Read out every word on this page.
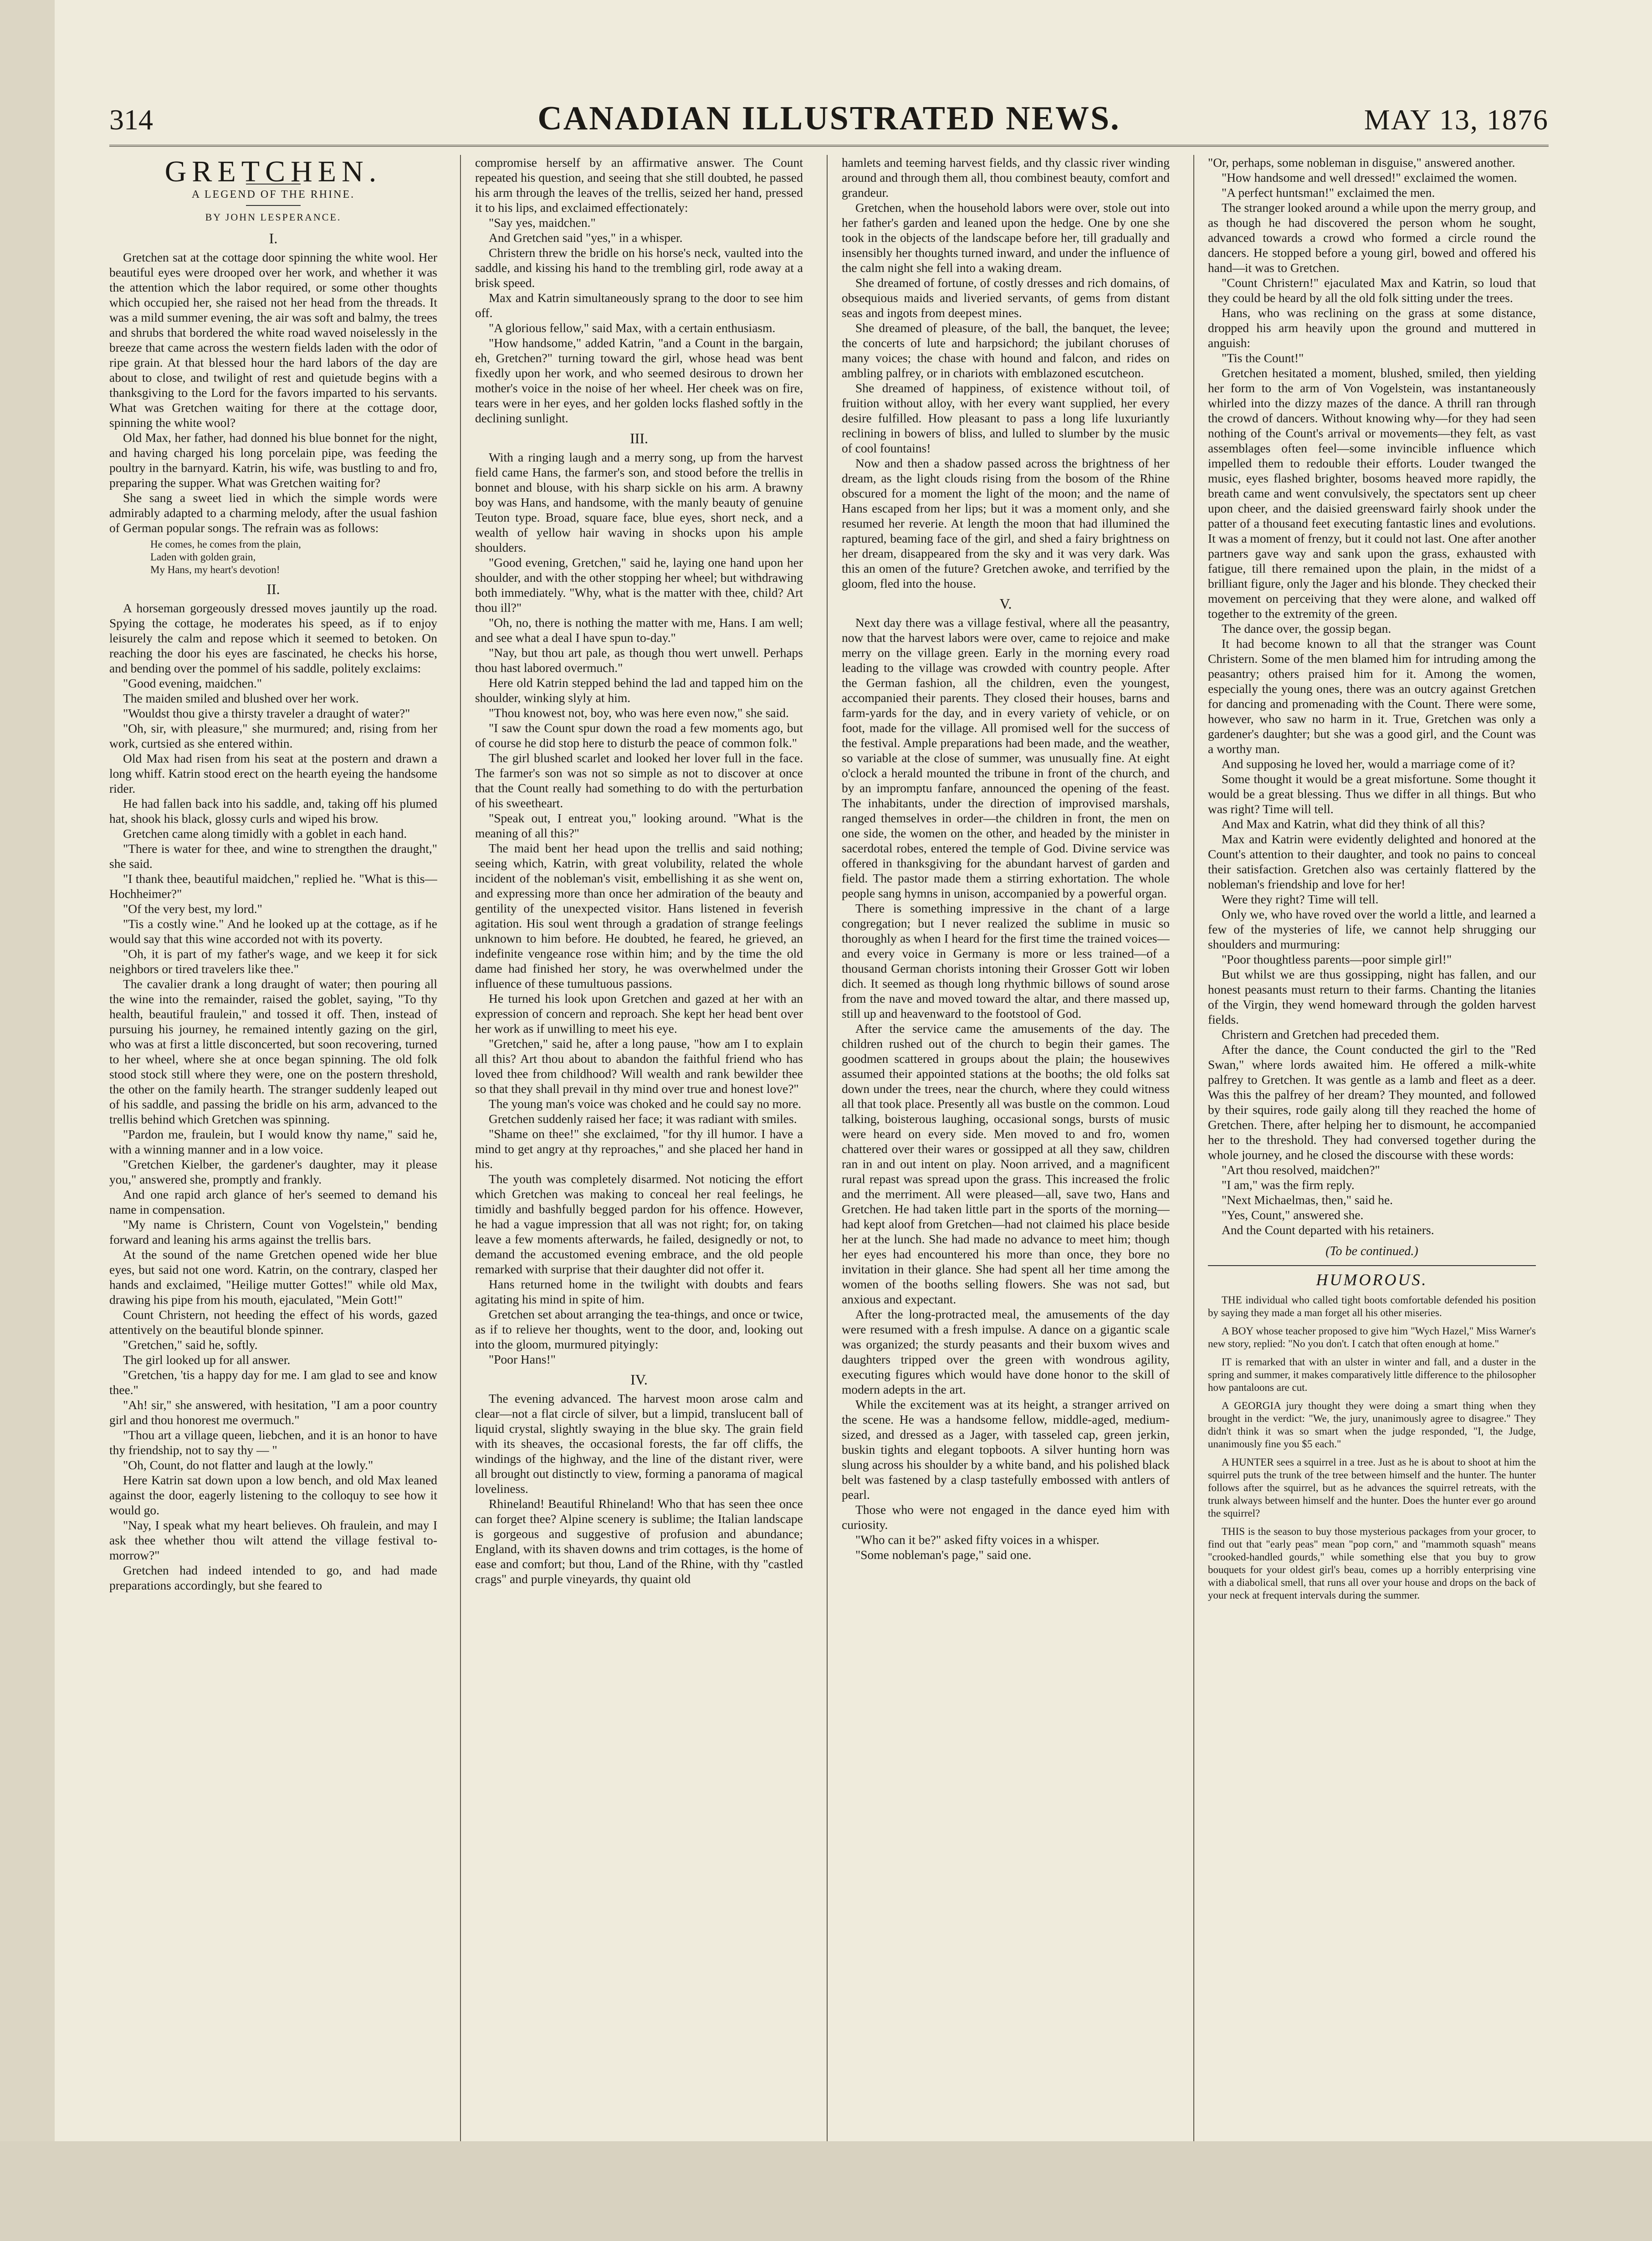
314	CANADIAN ILLUSTRATED NEWS.	MAY 13, 1876
GRETCHEN.
A LEGEND OF THE RHINE.
BY JOHN LESPERANCE.
I.

Gretchen sat at the cottage door spinning the white wool. Her beautiful eyes were drooped over her work, and whether it was the attention which the labor required, or some other thoughts which occupied her, she raised not her head from the threads. It was a mild summer evening, the air was soft and balmy, the trees and shrubs that bordered the white road waved noiselessly in the breeze that came across the western fields laden with the odor of ripe grain. At that blessed hour the hard labors of the day are about to close, and twilight of rest and quietude begins with a thanksgiving to the Lord for the favors imparted to his servants. What was Gretchen waiting for there at the cottage door, spinning the white wool?

Old Max, her father, had donned his blue bonnet for the night, and having charged his long porcelain pipe, was feeding the poultry in the barnyard. Katrin, his wife, was bustling to and fro, preparing the supper. What was Gretchen waiting for?

She sang a sweet lied in which the simple words were admirably adapted to a charming melody, after the usual fashion of German popular songs. The refrain was as follows:

He comes, he comes from the plain,
Laden with golden grain,
My Hans, my heart's devotion!
II.

A horseman gorgeously dressed moves jauntily up the road. Spying the cottage, he moderates his speed, as if to enjoy leisurely the calm and repose which it seemed to betoken. On reaching the door his eyes are fascinated, he checks his horse, and bending over the pommel of his saddle, politely exclaims:

"Good evening, maidchen."

The maiden smiled and blushed over her work.

"Wouldst thou give a thirsty traveler a draught of water?"

"Oh, sir, with pleasure," she murmured; and, rising from her work, curtsied as she entered within.

Old Max had risen from his seat at the postern and drawn a long whiff. Katrin stood erect on the hearth eyeing the handsome rider.

He had fallen back into his saddle, and, taking off his plumed hat, shook his black, glossy curls and wiped his brow.

Gretchen came along timidly with a goblet in each hand.

"There is water for thee, and wine to strengthen the draught," she said.

"I thank thee, beautiful maidchen," replied he. "What is this—Hochheimer?"

"Of the very best, my lord."

"Tis a costly wine." And he looked up at the cottage, as if he would say that this wine accorded not with its poverty.

"Oh, it is part of my father's wage, and we keep it for sick neighbors or tired travelers like thee."

The cavalier drank a long draught of water; then pouring all the wine into the remainder, raised the goblet, saying, "To thy health, beautiful fraulein," and tossed it off. Then, instead of pursuing his journey, he remained intently gazing on the girl, who was at first a little disconcerted, but soon recovering, turned to her wheel, where she at once began spinning. The old folk stood stock still where they were, one on the postern threshold, the other on the family hearth. The stranger suddenly leaped out of his saddle, and passing the bridle on his arm, advanced to the trellis behind which Gretchen was spinning.

"Pardon me, fraulein, but I would know thy name," said he, with a winning manner and in a low voice.

"Gretchen Kielber, the gardener's daughter, may it please you," answered she, promptly and frankly.

And one rapid arch glance of her's seemed to demand his name in compensation.

"My name is Christern, Count von Vogelstein," bending forward and leaning his arms against the trellis bars.

At the sound of the name Gretchen opened wide her blue eyes, but said not one word. Katrin, on the contrary, clasped her hands and exclaimed, "Heilige mutter Gottes!" while old Max, drawing his pipe from his mouth, ejaculated, "Mein Gott!"

Count Christern, not heeding the effect of his words, gazed attentively on the beautiful blonde spinner.

"Gretchen," said he, softly.

The girl looked up for all answer.

"Gretchen, 'tis a happy day for me. I am glad to see and know thee."

"Ah! sir," she answered, with hesitation, "I am a poor country girl and thou honorest me overmuch."

"Thou art a village queen, liebchen, and it is an honor to have thy friendship, not to say thy — "

"Oh, Count, do not flatter and laugh at the lowly."

Here Katrin sat down upon a low bench, and old Max leaned against the door, eagerly listening to the colloquy to see how it would go.

"Nay, I speak what my heart believes. Oh fraulein, and may I ask thee whether thou wilt attend the village festival to-morrow?"

Gretchen had indeed intended to go, and had made preparations accordingly, but she feared to

compromise herself by an affirmative answer. The Count repeated his question, and seeing that she still doubted, he passed his arm through the leaves of the trellis, seized her hand, pressed it to his lips, and exclaimed effectionately:

"Say yes, maidchen."

And Gretchen said "yes," in a whisper.

Christern threw the bridle on his horse's neck, vaulted into the saddle, and kissing his hand to the trembling girl, rode away at a brisk speed.

Max and Katrin simultaneously sprang to the door to see him off.

"A glorious fellow," said Max, with a certain enthusiasm.

"How handsome," added Katrin, "and a Count in the bargain, eh, Gretchen?" turning toward the girl, whose head was bent fixedly upon her work, and who seemed desirous to drown her mother's voice in the noise of her wheel. Her cheek was on fire, tears were in her eyes, and her golden locks flashed softly in the declining sunlight.

III.

With a ringing laugh and a merry song, up from the harvest field came Hans, the farmer's son, and stood before the trellis in bonnet and blouse, with his sharp sickle on his arm. A brawny boy was Hans, and handsome, with the manly beauty of genuine Teuton type. Broad, square face, blue eyes, short neck, and a wealth of yellow hair waving in shocks upon his ample shoulders.

"Good evening, Gretchen," said he, laying one hand upon her shoulder, and with the other stopping her wheel; but withdrawing both immediately. "Why, what is the matter with thee, child? Art thou ill?"

"Oh, no, there is nothing the matter with me, Hans. I am well; and see what a deal I have spun to-day."

"Nay, but thou art pale, as though thou wert unwell. Perhaps thou hast labored overmuch."

Here old Katrin stepped behind the lad and tapped him on the shoulder, winking slyly at him.

"Thou knowest not, boy, who was here even now," she said.

"I saw the Count spur down the road a few moments ago, but of course he did stop here to disturb the peace of common folk."

The girl blushed scarlet and looked her lover full in the face. The farmer's son was not so simple as not to discover at once that the Count really had something to do with the perturbation of his sweetheart.

"Speak out, I entreat you," looking around. "What is the meaning of all this?"

The maid bent her head upon the trellis and said nothing; seeing which, Katrin, with great volubility, related the whole incident of the nobleman's visit, embellishing it as she went on, and expressing more than once her admiration of the beauty and gentility of the unexpected visitor. Hans listened in feverish agitation. His soul went through a gradation of strange feelings unknown to him before. He doubted, he feared, he grieved, an indefinite vengeance rose within him; and by the time the old dame had finished her story, he was overwhelmed under the influence of these tumultuous passions.

He turned his look upon Gretchen and gazed at her with an expression of concern and reproach. She kept her head bent over her work as if unwilling to meet his eye.

"Gretchen," said he, after a long pause, "how am I to explain all this? Art thou about to abandon the faithful friend who has loved thee from childhood? Will wealth and rank bewilder thee so that they shall prevail in thy mind over true and honest love?"

The young man's voice was choked and he could say no more.

Gretchen suddenly raised her face; it was radiant with smiles.

"Shame on thee!" she exclaimed, "for thy ill humor. I have a mind to get angry at thy reproaches," and she placed her hand in his.

The youth was completely disarmed. Not noticing the effort which Gretchen was making to conceal her real feelings, he timidly and bashfully begged pardon for his offence. However, he had a vague impression that all was not right; for, on taking leave a few moments afterwards, he failed, designedly or not, to demand the accustomed evening embrace, and the old people remarked with surprise that their daughter did not offer it.

Hans returned home in the twilight with doubts and fears agitating his mind in spite of him.

Gretchen set about arranging the tea-things, and once or twice, as if to relieve her thoughts, went to the door, and, looking out into the gloom, murmured pityingly:

"Poor Hans!"

IV.

The evening advanced. The harvest moon arose calm and clear—not a flat circle of silver, but a limpid, translucent ball of liquid crystal, slightly swaying in the blue sky. The grain field with its sheaves, the occasional forests, the far off cliffs, the windings of the highway, and the line of the distant river, were all brought out distinctly to view, forming a panorama of magical loveliness.

Rhineland! Beautiful Rhineland! Who that has seen thee once can forget thee? Alpine scenery is sublime; the Italian landscape is gorgeous and suggestive of profusion and abundance; England, with its shaven downs and trim cottages, is the home of ease and comfort; but thou, Land of the Rhine, with thy "castled crags" and purple vineyards, thy quaint old

hamlets and teeming harvest fields, and thy classic river winding around and through them all, thou combinest beauty, comfort and grandeur.

Gretchen, when the household labors were over, stole out into her father's garden and leaned upon the hedge. One by one she took in the objects of the landscape before her, till gradually and insensibly her thoughts turned inward, and under the influence of the calm night she fell into a waking dream.

She dreamed of fortune, of costly dresses and rich domains, of obsequious maids and liveried servants, of gems from distant seas and ingots from deepest mines.

She dreamed of pleasure, of the ball, the banquet, the levee; the concerts of lute and harpsichord; the jubilant choruses of many voices; the chase with hound and falcon, and rides on ambling palfrey, or in chariots with emblazoned escutcheon.

She dreamed of happiness, of existence without toil, of fruition without alloy, with her every want supplied, her every desire fulfilled. How pleasant to pass a long life luxuriantly reclining in bowers of bliss, and lulled to slumber by the music of cool fountains!

Now and then a shadow passed across the brightness of her dream, as the light clouds rising from the bosom of the Rhine obscured for a moment the light of the moon; and the name of Hans escaped from her lips; but it was a moment only, and she resumed her reverie. At length the moon that had illumined the raptured, beaming face of the girl, and shed a fairy brightness on her dream, disappeared from the sky and it was very dark. Was this an omen of the future? Gretchen awoke, and terrified by the gloom, fled into the house.

V.

Next day there was a village festival, where all the peasantry, now that the harvest labors were over, came to rejoice and make merry on the village green. Early in the morning every road leading to the village was crowded with country people. After the German fashion, all the children, even the youngest, accompanied their parents. They closed their houses, barns and farm-yards for the day, and in every variety of vehicle, or on foot, made for the village. All promised well for the success of the festival. Ample preparations had been made, and the weather, so variable at the close of summer, was unusually fine. At eight o'clock a herald mounted the tribune in front of the church, and by an impromptu fanfare, announced the opening of the feast. The inhabitants, under the direction of improvised marshals, ranged themselves in order—the children in front, the men on one side, the women on the other, and headed by the minister in sacerdotal robes, entered the temple of God. Divine service was offered in thanksgiving for the abundant harvest of garden and field. The pastor made them a stirring exhortation. The whole people sang hymns in unison, accompanied by a powerful organ.

There is something impressive in the chant of a large congregation; but I never realized the sublime in music so thoroughly as when I heard for the first time the trained voices—and every voice in Germany is more or less trained—of a thousand German chorists intoning their Grosser Gott wir loben dich. It seemed as though long rhythmic billows of sound arose from the nave and moved toward the altar, and there massed up, still up and heavenward to the footstool of God.

After the service came the amusements of the day. The children rushed out of the church to begin their games. The goodmen scattered in groups about the plain; the housewives assumed their appointed stations at the booths; the old folks sat down under the trees, near the church, where they could witness all that took place. Presently all was bustle on the common. Loud talking, boisterous laughing, occasional songs, bursts of music were heard on every side. Men moved to and fro, women chattered over their wares or gossipped at all they saw, children ran in and out intent on play. Noon arrived, and a magnificent rural repast was spread upon the grass. This increased the frolic and the merriment. All were pleased—all, save two, Hans and Gretchen. He had taken little part in the sports of the morning—had kept aloof from Gretchen—had not claimed his place beside her at the lunch. She had made no advance to meet him; though her eyes had encountered his more than once, they bore no invitation in their glance. She had spent all her time among the women of the booths selling flowers. She was not sad, but anxious and expectant.

After the long-protracted meal, the amusements of the day were resumed with a fresh impulse. A dance on a gigantic scale was organized; the sturdy peasants and their buxom wives and daughters tripped over the green with wondrous agility, executing figures which would have done honor to the skill of modern adepts in the art.

While the excitement was at its height, a stranger arrived on the scene. He was a handsome fellow, middle-aged, medium-sized, and dressed as a Jager, with tasseled cap, green jerkin, buskin tights and elegant topboots. A silver hunting horn was slung across his shoulder by a white band, and his polished black belt was fastened by a clasp tastefully embossed with antlers of pearl.

Those who were not engaged in the dance eyed him with curiosity.

"Who can it be?" asked fifty voices in a whisper.

"Some nobleman's page," said one.

"Or, perhaps, some nobleman in disguise," answered another.

"How handsome and well dressed!" exclaimed the women.

"A perfect huntsman!" exclaimed the men.

The stranger looked around a while upon the merry group, and as though he had discovered the person whom he sought, advanced towards a crowd who formed a circle round the dancers. He stopped before a young girl, bowed and offered his hand—it was to Gretchen.

"Count Christern!" ejaculated Max and Katrin, so loud that they could be heard by all the old folk sitting under the trees.

Hans, who was reclining on the grass at some distance, dropped his arm heavily upon the ground and muttered in anguish:

"Tis the Count!"

Gretchen hesitated a moment, blushed, smiled, then yielding her form to the arm of Von Vogelstein, was instantaneously whirled into the dizzy mazes of the dance. A thrill ran through the crowd of dancers. Without knowing why—for they had seen nothing of the Count's arrival or movements—they felt, as vast assemblages often feel—some invincible influence which impelled them to redouble their efforts. Louder twanged the music, eyes flashed brighter, bosoms heaved more rapidly, the breath came and went convulsively, the spectators sent up cheer upon cheer, and the daisied greensward fairly shook under the patter of a thousand feet executing fantastic lines and evolutions. It was a moment of frenzy, but it could not last. One after another partners gave way and sank upon the grass, exhausted with fatigue, till there remained upon the plain, in the midst of a brilliant figure, only the Jager and his blonde. They checked their movement on perceiving that they were alone, and walked off together to the extremity of the green.

The dance over, the gossip began.

It had become known to all that the stranger was Count Christern. Some of the men blamed him for intruding among the peasantry; others praised him for it. Among the women, especially the young ones, there was an outcry against Gretchen for dancing and promenading with the Count. There were some, however, who saw no harm in it. True, Gretchen was only a gardener's daughter; but she was a good girl, and the Count was a worthy man.

And supposing he loved her, would a marriage come of it?

Some thought it would be a great misfortune. Some thought it would be a great blessing. Thus we differ in all things. But who was right? Time will tell.

And Max and Katrin, what did they think of all this?

Max and Katrin were evidently delighted and honored at the Count's attention to their daughter, and took no pains to conceal their satisfaction. Gretchen also was certainly flattered by the nobleman's friendship and love for her!

Were they right? Time will tell.

Only we, who have roved over the world a little, and learned a few of the mysteries of life, we cannot help shrugging our shoulders and murmuring:

"Poor thoughtless parents—poor simple girl!"

But whilst we are thus gossipping, night has fallen, and our honest peasants must return to their farms. Chanting the litanies of the Virgin, they wend homeward through the golden harvest fields.

Christern and Gretchen had preceded them.

After the dance, the Count conducted the girl to the "Red Swan," where lords awaited him. He offered a milk-white palfrey to Gretchen. It was gentle as a lamb and fleet as a deer. Was this the palfrey of her dream? They mounted, and followed by their squires, rode gaily along till they reached the home of Gretchen. There, after helping her to dismount, he accompanied her to the threshold. They had conversed together during the whole journey, and he closed the discourse with these words:

"Art thou resolved, maidchen?"

"I am," was the firm reply.

"Next Michaelmas, then," said he.

"Yes, Count," answered she.

And the Count departed with his retainers.

(To be continued.)
HUMOROUS.

THE individual who called tight boots comfortable defended his position by saying they made a man forget all his other miseries.

A BOY whose teacher proposed to give him "Wych Hazel," Miss Warner's new story, replied: "No you don't. I catch that often enough at home."

IT is remarked that with an ulster in winter and fall, and a duster in the spring and summer, it makes comparatively little difference to the philosopher how pantaloons are cut.

A GEORGIA jury thought they were doing a smart thing when they brought in the verdict: "We, the jury, unanimously agree to disagree." They didn't think it was so smart when the judge responded, "I, the Judge, unanimously fine you $5 each."

A HUNTER sees a squirrel in a tree. Just as he is about to shoot at him the squirrel puts the trunk of the tree between himself and the hunter. The hunter follows after the squirrel, but as he advances the squirrel retreats, with the trunk always between himself and the hunter. Does the hunter ever go around the squirrel?

THIS is the season to buy those mysterious packages from your grocer, to find out that "early peas" mean "pop corn," and "mammoth squash" means "crooked-handled gourds," while something else that you buy to grow bouquets for your oldest girl's beau, comes up a horribly enterprising vine with a diabolical smell, that runs all over your house and drops on the back of your neck at frequent intervals during the summer.
